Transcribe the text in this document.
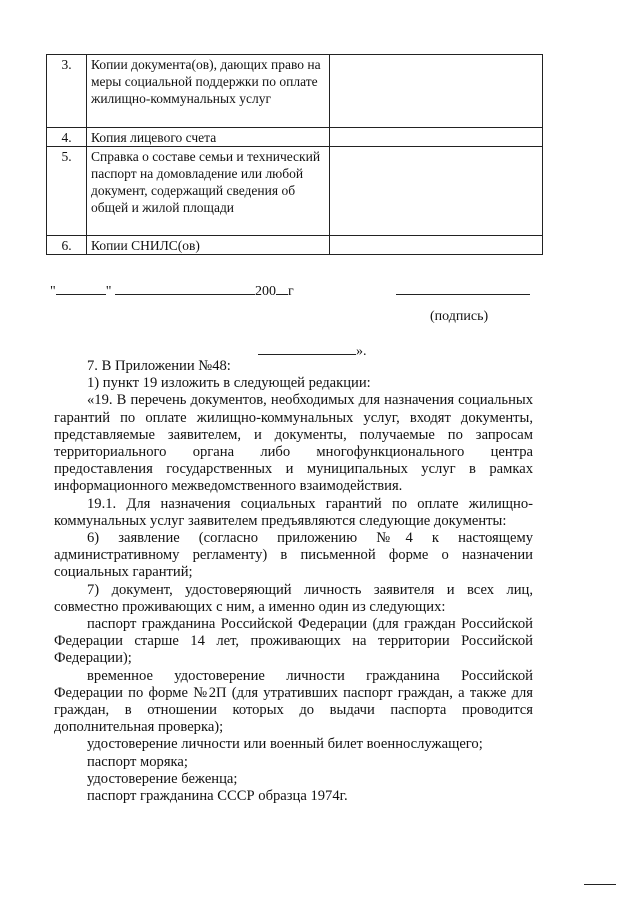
3.	Копии документа(ов), дающих право на меры социальной поддержки по оплате жилищно-коммунальных услуг	
4.	Копия лицевого счета	
5.	Справка о составе семьи и технический паспорт на домовладение или любой документ, содержащий сведения об общей и жилой площади	
6.	Копии СНИЛС(ов)	
"	"	200 г
(подпись)
».

7. В Приложении №48:

1) пункт 19 изложить в следующей редакции:

«19. В перечень документов, необходимых для назначения социальных гарантий по оплате жилищно-коммунальных услуг, входят документы, представляемые заявителем, и документы, получаемые по запросам территориального органа либо многофункционального центра предоставления государственных и муниципальных услуг в рамках информационного межведомственного взаимодействия.

19.1. Для назначения социальных гарантий по оплате жилищно-коммунальных услуг заявителем предъявляются следующие документы:

6) заявление (согласно приложению №4 к настоящему административному регламенту) в письменной форме о назначении социальных гарантий;

7) документ, удостоверяющий личность заявителя и всех лиц, совместно проживающих с ним, а именно один из следующих:

паспорт гражданина Российской Федерации (для граждан Российской Федерации старше 14 лет, проживающих на территории Российской Федерации);

временное удостоверение личности гражданина Российской Федерации по форме №2П (для утративших паспорт граждан, а также для граждан, в отношении которых до выдачи паспорта проводится дополнительная проверка);

удостоверение личности или военный билет военнослужащего;

паспорт моряка;

удостоверение беженца;

паспорт гражданина СССР образца 1974г.
